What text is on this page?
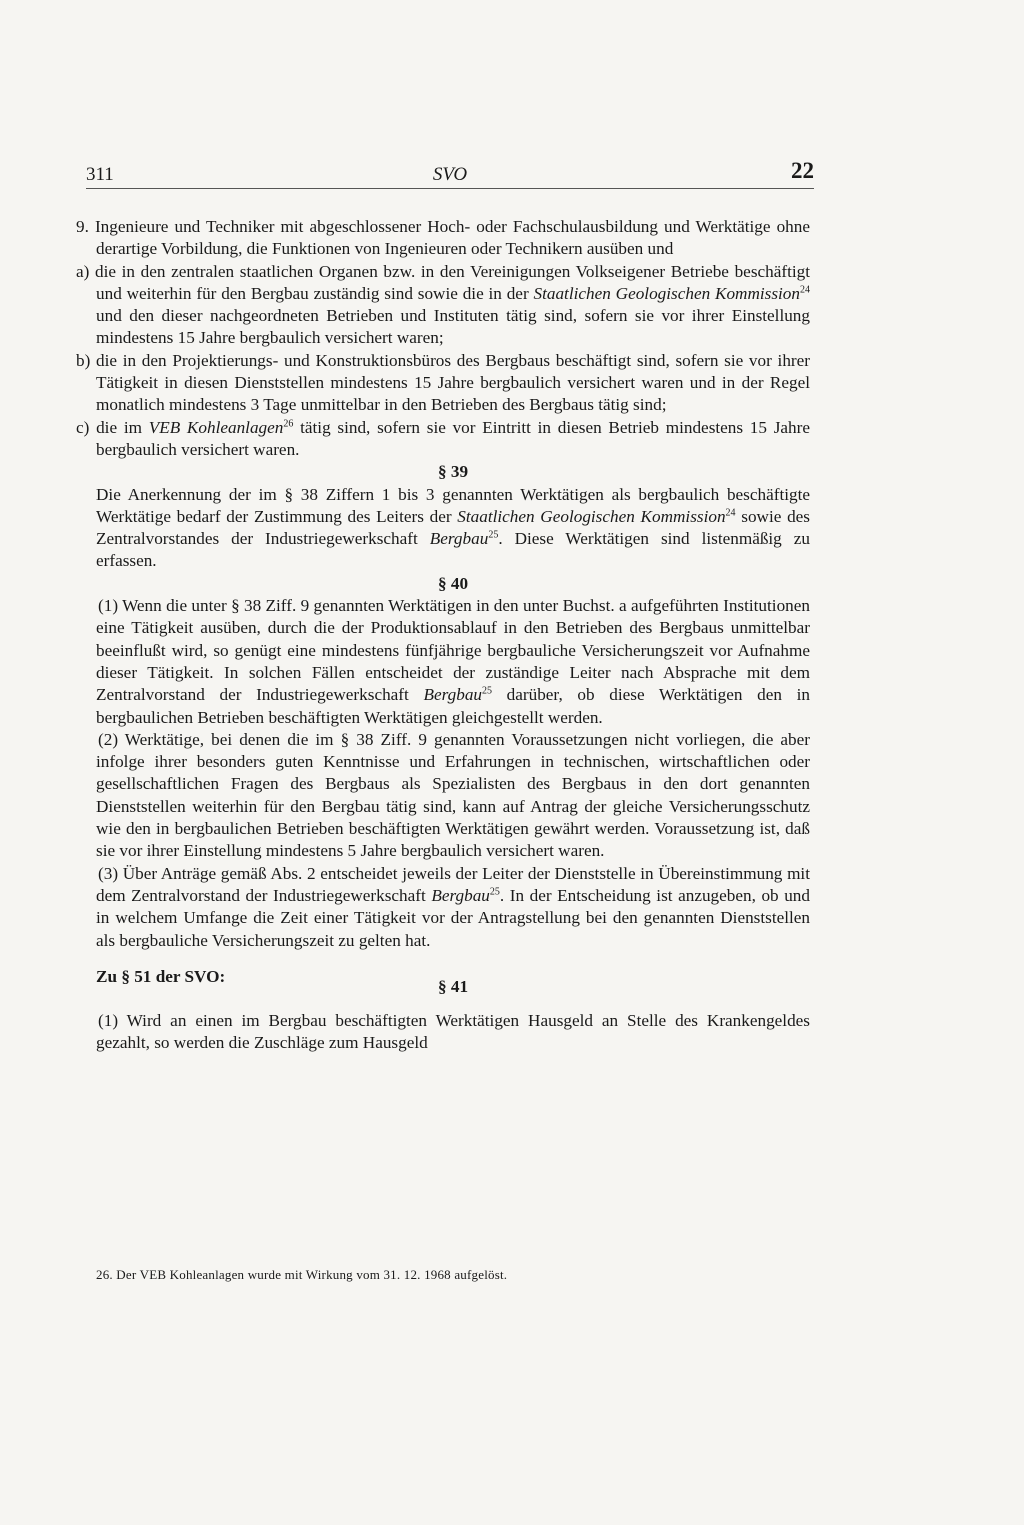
311	SVO	22

9. Ingenieure und Techniker mit abgeschlossener Hoch- oder Fachschulausbildung und Werktätige ohne derartige Vorbildung, die Funktionen von Ingenieuren oder Technikern ausüben und

a) die in den zentralen staatlichen Organen bzw. in den Vereinigungen Volkseigener Betriebe beschäftigt und weiterhin für den Bergbau zuständig sind sowie die in der Staatlichen Geologischen Kommission$^{24}$ und den dieser nachgeordneten Betrieben und Instituten tätig sind, sofern sie vor ihrer Einstellung mindestens 15 Jahre bergbaulich versichert waren;

b) die in den Projektierungs- und Konstruktionsbüros des Bergbaus beschäftigt sind, sofern sie vor ihrer Tätigkeit in diesen Dienststellen mindestens 15 Jahre bergbaulich versichert waren und in der Regel monatlich mindestens 3 Tage unmittelbar in den Betrieben des Bergbaus tätig sind;

c) die im VEB Kohleanlagen$^{26}$ tätig sind, sofern sie vor Eintritt in diesen Betrieb mindestens 15 Jahre bergbaulich versichert waren.

§ 39

Die Anerkennung der im § 38 Ziffern 1 bis 3 genannten Werktätigen als bergbaulich beschäftigte Werktätige bedarf der Zustimmung des Leiters der Staatlichen Geologischen Kommission$^{24}$ sowie des Zentralvorstandes der Industriegewerkschaft Bergbau$^{25}$. Diese Werktätigen sind listenmäßig zu erfassen.

§ 40

(1) Wenn die unter § 38 Ziff. 9 genannten Werktätigen in den unter Buchst. a aufgeführten Institutionen eine Tätigkeit ausüben, durch die der Produktionsablauf in den Betrieben des Bergbaus unmittelbar beeinflußt wird, so genügt eine mindestens fünfjährige bergbauliche Versicherungszeit vor Aufnahme dieser Tätigkeit. In solchen Fällen entscheidet der zuständige Leiter nach Absprache mit dem Zentralvorstand der Industriegewerkschaft Bergbau$^{25}$ darüber, ob diese Werktätigen den in bergbaulichen Betrieben beschäftigten Werktätigen gleichgestellt werden.

(2) Werktätige, bei denen die im § 38 Ziff. 9 genannten Voraussetzungen nicht vorliegen, die aber infolge ihrer besonders guten Kenntnisse und Erfahrungen in technischen, wirtschaftlichen oder gesellschaftlichen Fragen des Bergbaus als Spezialisten des Bergbaus in den dort genannten Dienststellen weiterhin für den Bergbau tätig sind, kann auf Antrag der gleiche Versicherungsschutz wie den in bergbaulichen Betrieben beschäftigten Werktätigen gewährt werden. Voraussetzung ist, daß sie vor ihrer Einstellung mindestens 5 Jahre bergbaulich versichert waren.

(3) Über Anträge gemäß Abs. 2 entscheidet jeweils der Leiter der Dienststelle in Übereinstimmung mit dem Zentralvorstand der Industriegewerkschaft Bergbau$^{25}$. In der Entscheidung ist anzugeben, ob und in welchem Umfange die Zeit einer Tätigkeit vor der Antragstellung bei den genannten Dienststellen als bergbauliche Versicherungszeit zu gelten hat.

Zu § 51 der SVO:
§ 41

(1) Wird an einen im Bergbau beschäftigten Werktätigen Hausgeld an Stelle des Krankengeldes gezahlt, so werden die Zuschläge zum Hausgeld

26. Der VEB Kohleanlagen wurde mit Wirkung vom 31. 12. 1968 aufgelöst.
